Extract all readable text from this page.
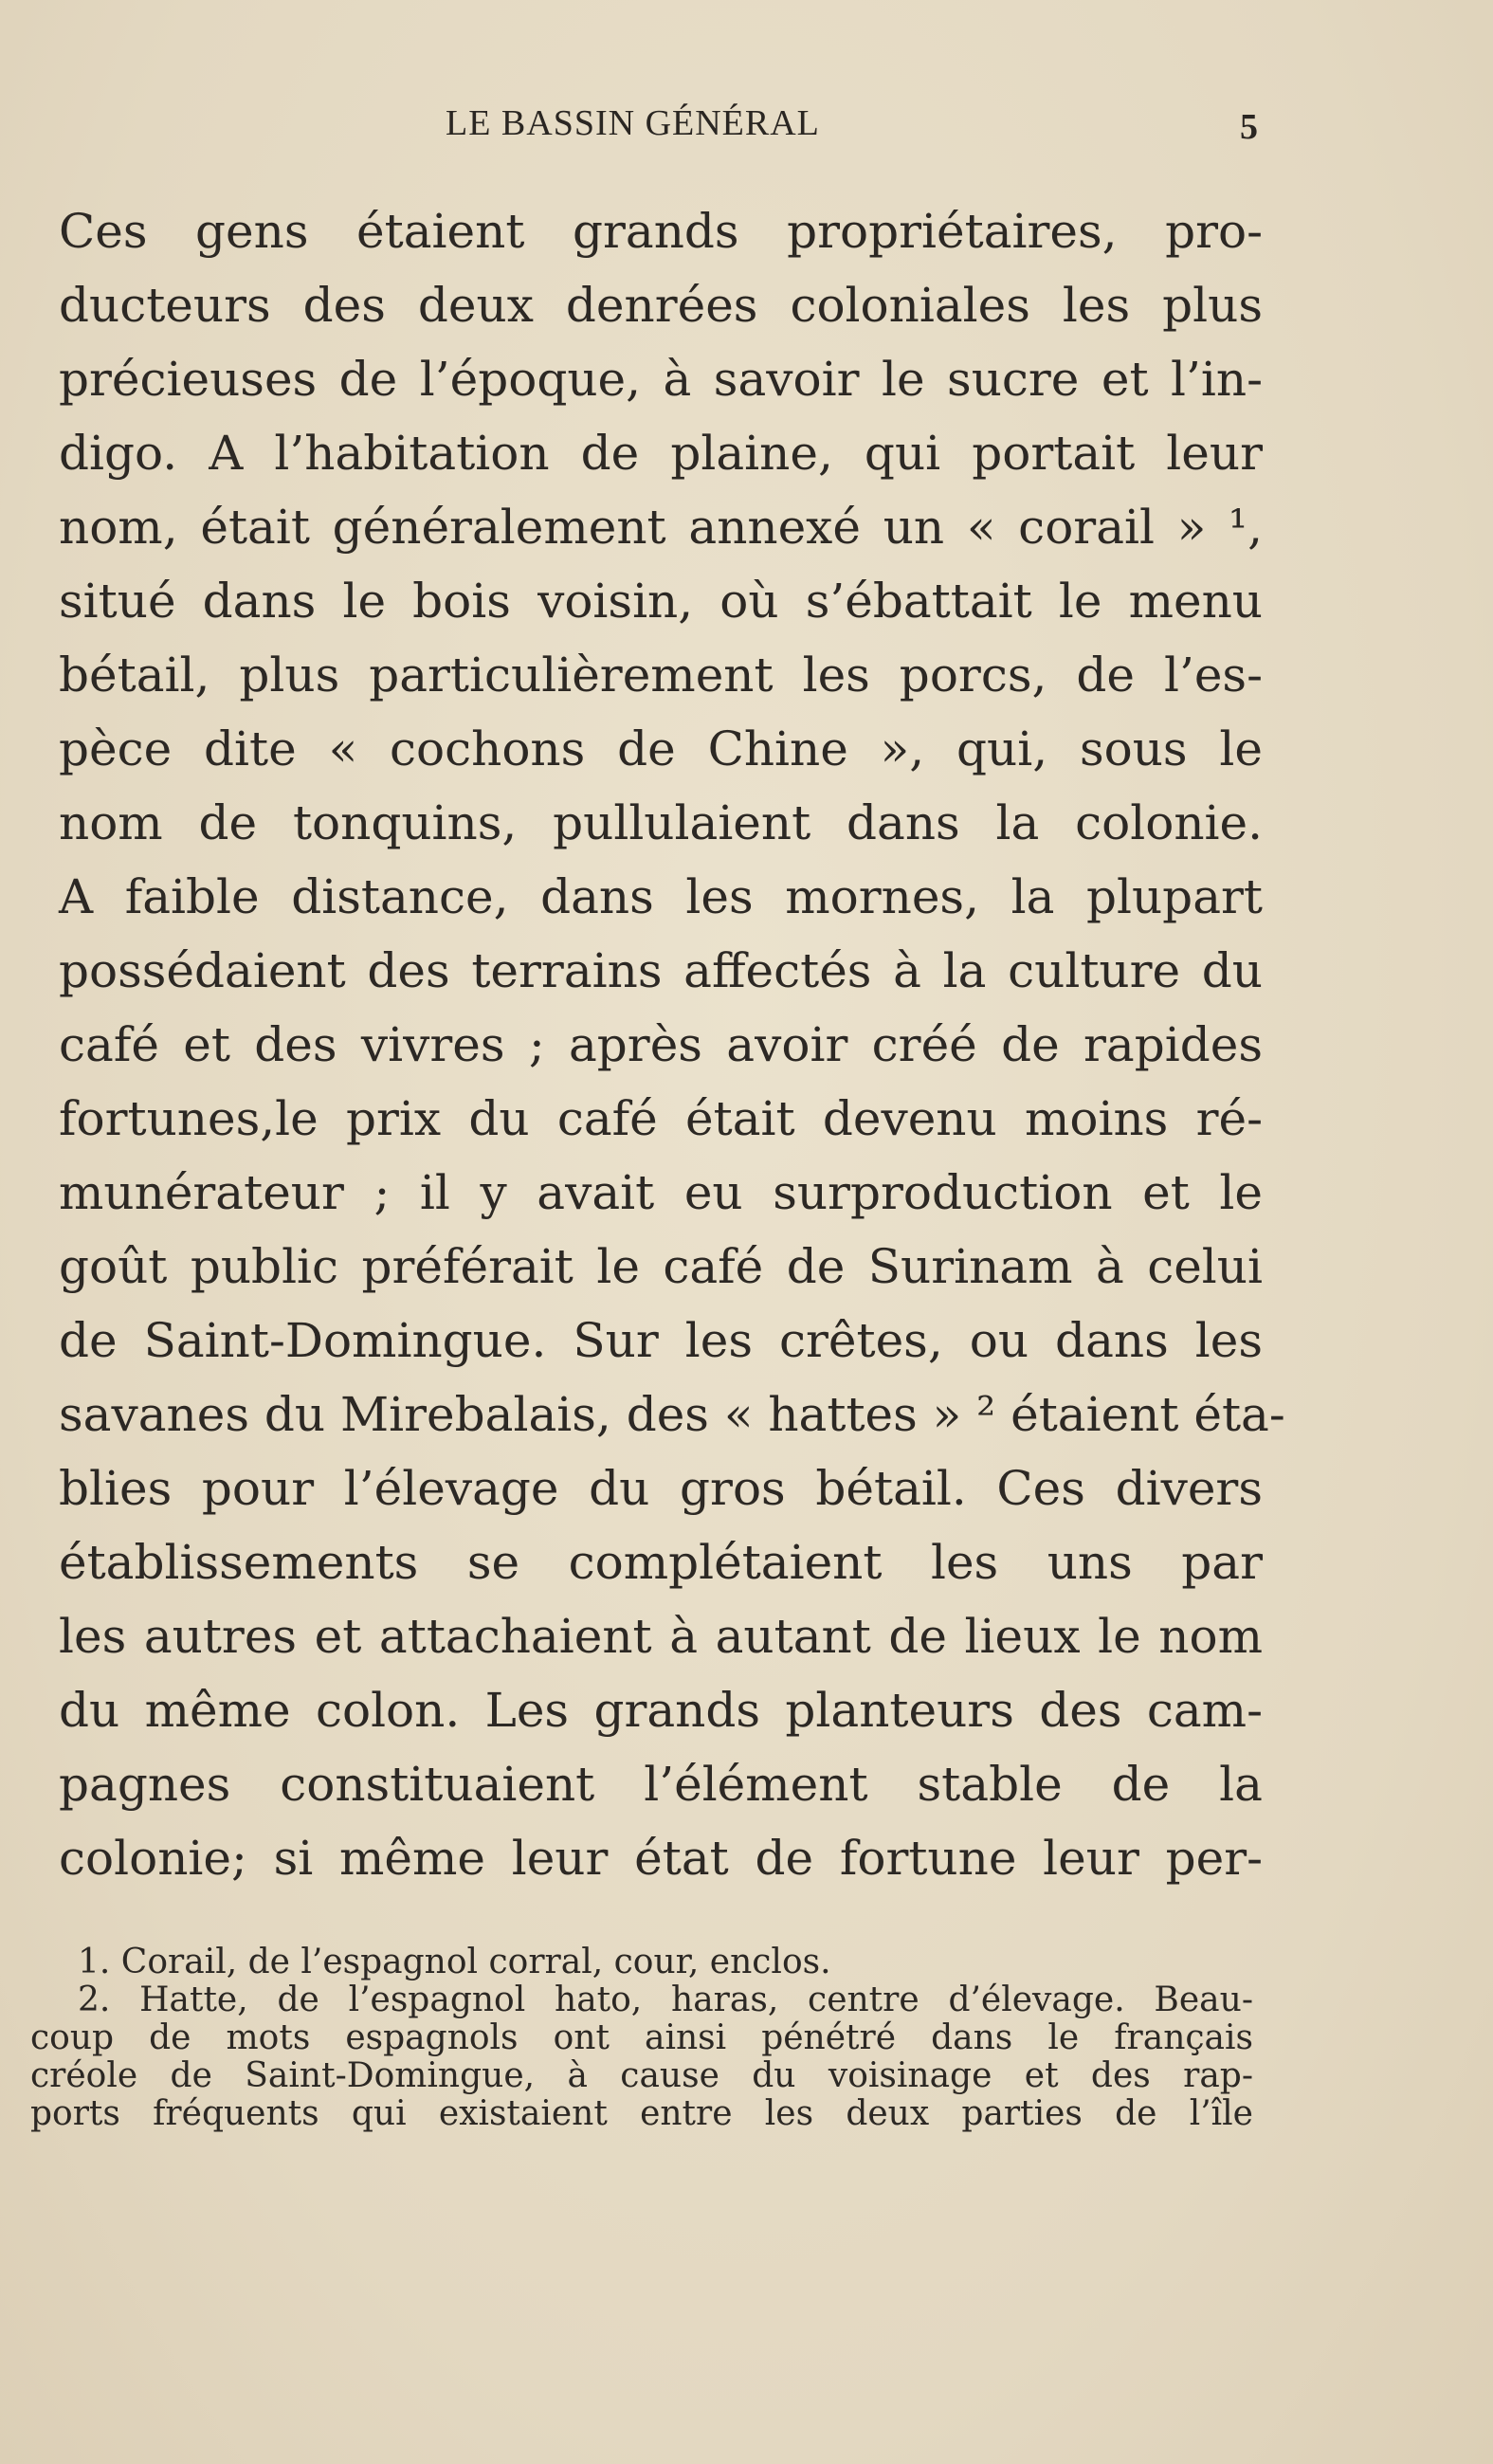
LE BASSIN GÉNÉRAL	5
Ces gens étaient grands propriétaires, pro-
ducteurs des deux denrées coloniales les plus
précieuses de l’époque, à savoir le sucre et l’in-
digo. A l’habitation de plaine, qui portait leur
nom, était généralement annexé un « corail » ¹,
situé dans le bois voisin, où s’ébattait le menu
bétail, plus particulièrement les porcs, de l’es-
pèce dite « cochons de Chine », qui, sous le
nom de tonquins, pullulaient dans la colonie.
A faible distance, dans les mornes, la plupart
possédaient des terrains affectés à la culture du
café et des vivres ; après avoir créé de rapides
fortunes,le prix du café était devenu moins ré-
munérateur ; il y avait eu surproduction et le
goût public préférait le café de Surinam à celui
de Saint-Domingue. Sur les crêtes, ou dans les
savanes du Mirebalais, des « hattes » ² étaient éta-
blies pour l’élevage du gros bétail. Ces divers
établissements se complétaient les uns par
les autres et attachaient à autant de lieux le nom
du même colon. Les grands planteurs des cam-
pagnes constituaient l’élément stable de la
colonie; si même leur état de fortune leur per-
1. Corail, de l’espagnol corral, cour, enclos.
2. Hatte, de l’espagnol hato, haras, centre d’élevage. Beau-
coup de mots espagnols ont ainsi pénétré dans le français
créole de Saint-Domingue, à cause du voisinage et des rap-
ports fréquents qui existaient entre les deux parties de l’île
